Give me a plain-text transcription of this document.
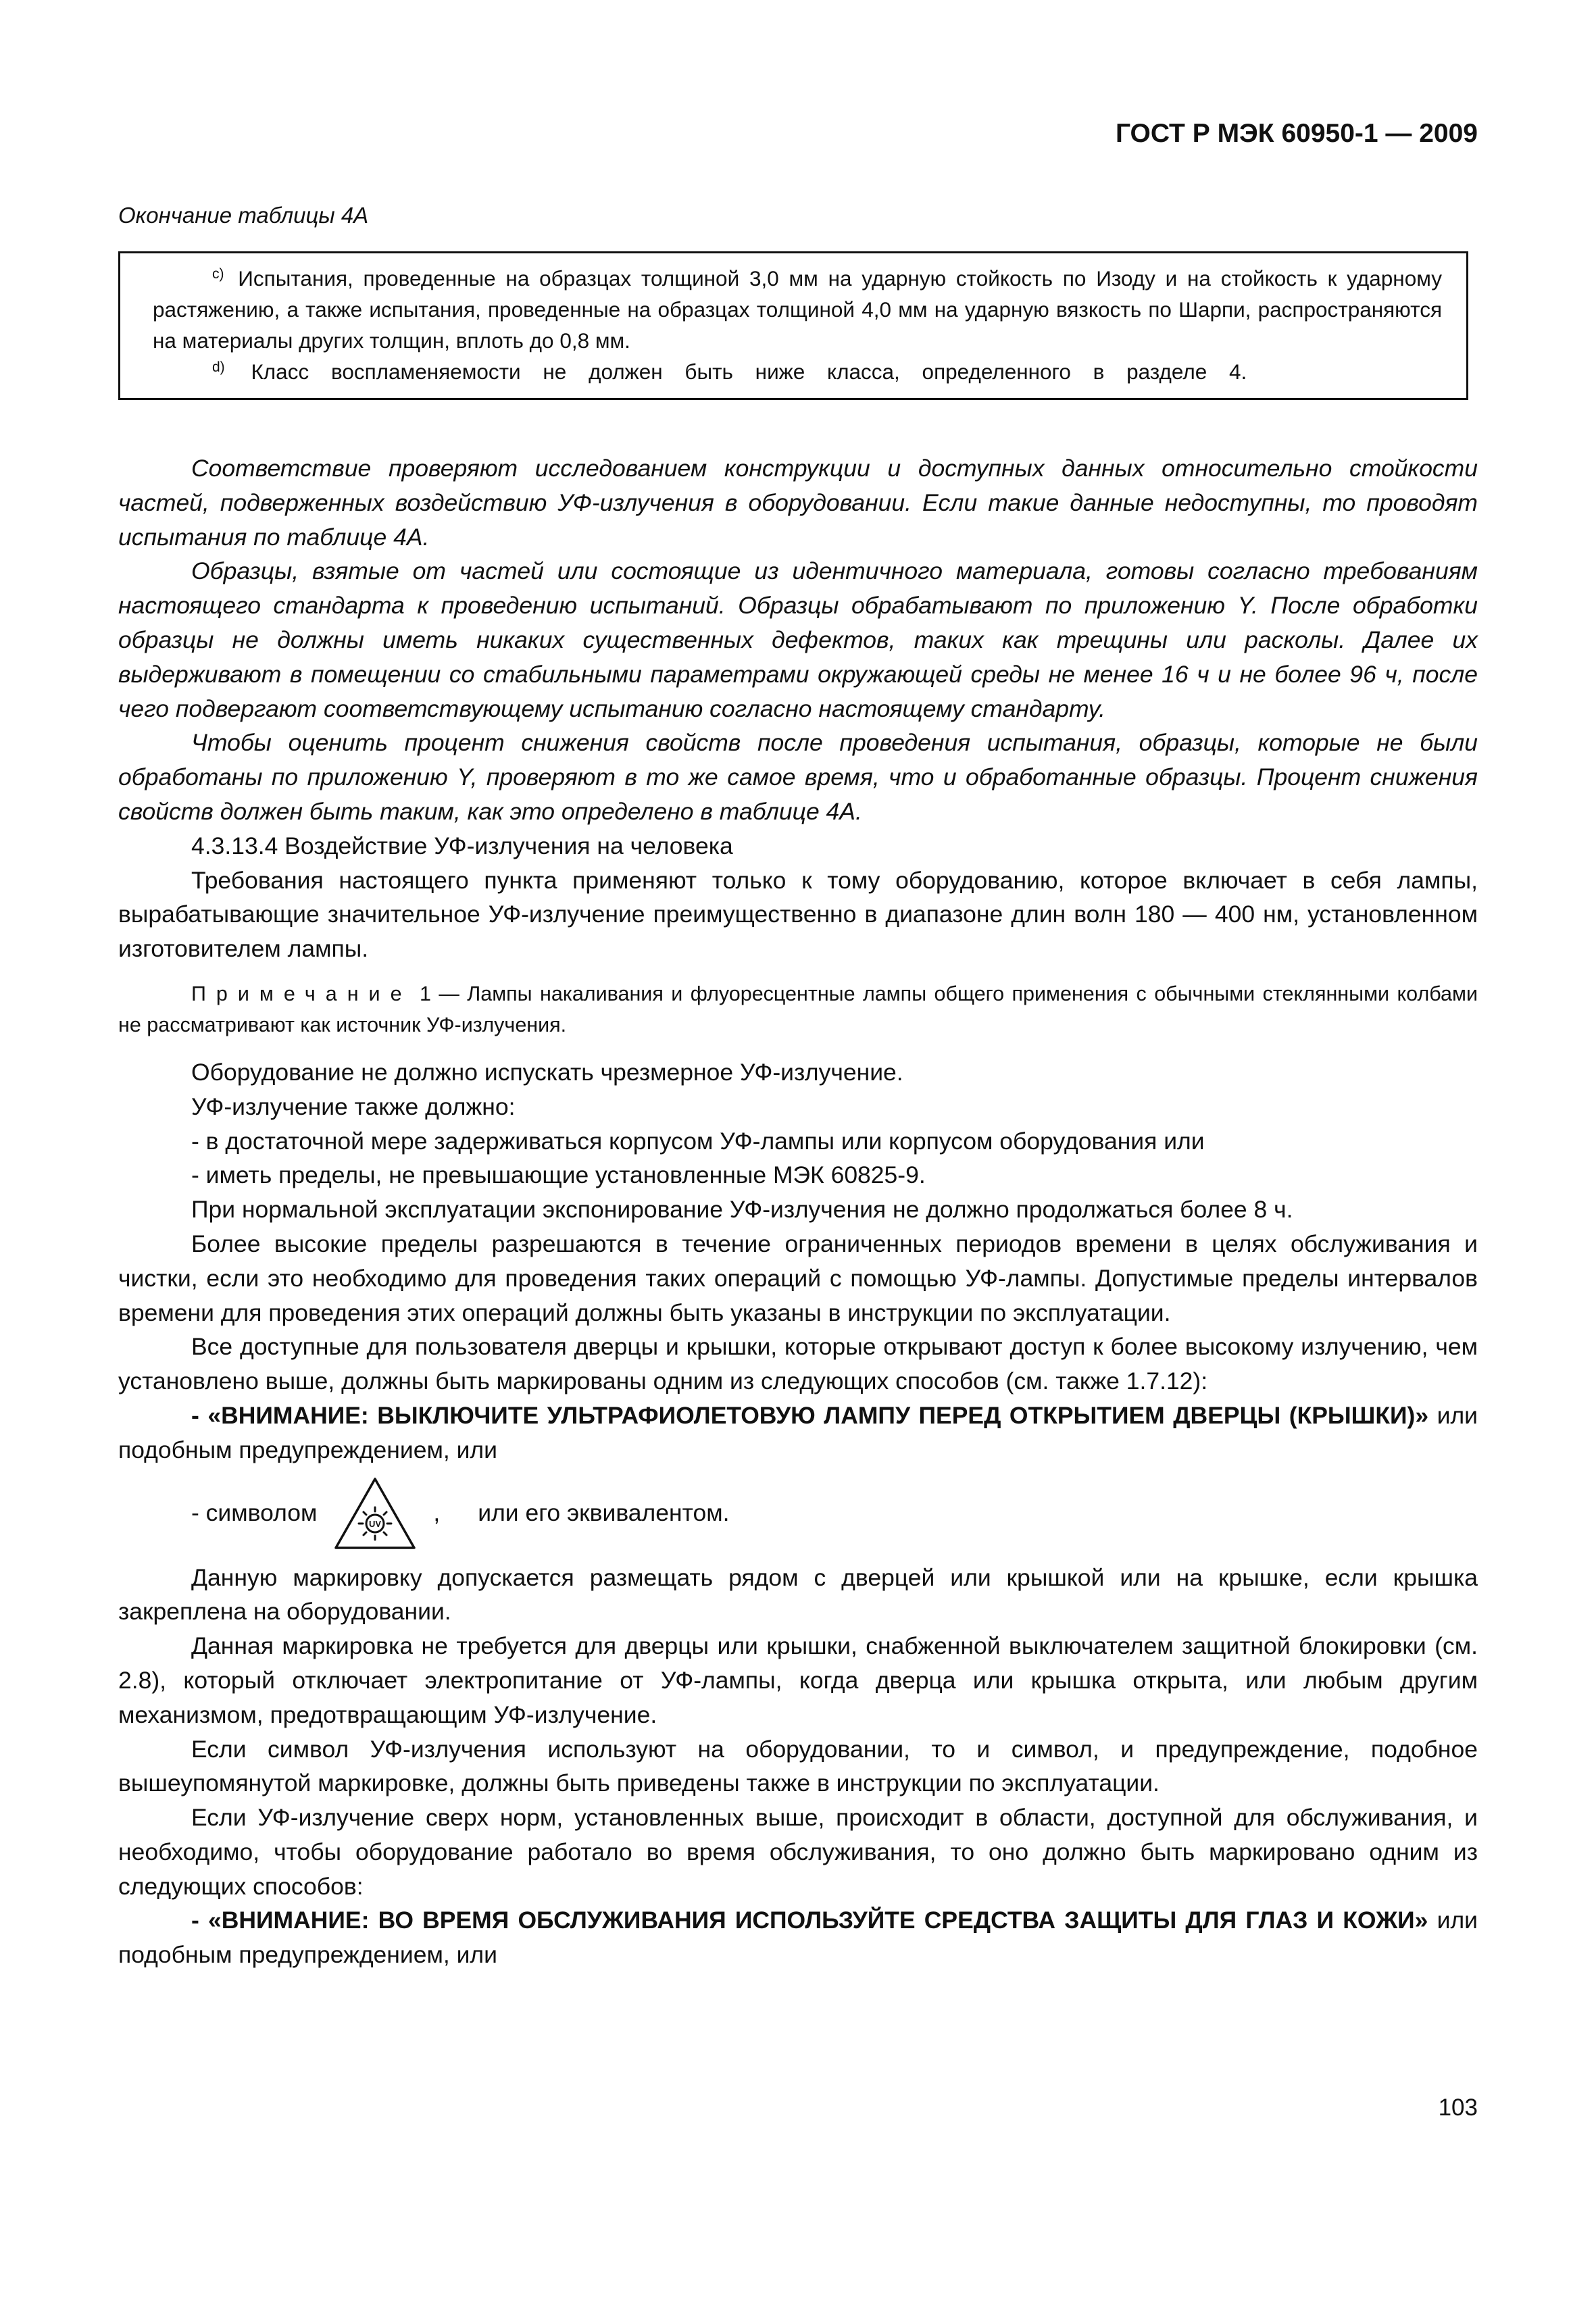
ГОСТ Р МЭК 60950-1 — 2009
Окончание таблицы 4А

$^{c)}$ Испытания, проведенные на образцах толщиной 3,0 мм на ударную стойкость по Изоду и на стойкость к ударному растяжению, а также испытания, проведенные на образцах толщиной 4,0 мм на ударную вязкость по Шарпи, распространяются на материалы других толщин, вплоть до 0,8 мм.

$^{d)}$ Класс воспламеняемости не должен быть ниже класса, определенного в разделе 4.

Соответствие проверяют исследованием конструкции и доступных данных относительно стойкости частей, подверженных воздействию УФ-излучения в оборудовании. Если такие данные недоступны, то проводят испытания по таблице 4А.

Образцы, взятые от частей или состоящие из идентичного материала, готовы согласно требованиям настоящего стандарта к проведению испытаний. Образцы обрабатывают по приложению Y. После обработки образцы не должны иметь никаких существенных дефектов, таких как трещины или расколы. Далее их выдерживают в помещении со стабильными параметрами окружающей среды не менее 16 ч и не более 96 ч, после чего подвергают соответствующему испытанию согласно настоящему стандарту.

Чтобы оценить процент снижения свойств после проведения испытания, образцы, которые не были обработаны по приложению Y, проверяют в то же самое время, что и обработанные образцы. Процент снижения свойств должен быть таким, как это определено в таблице 4А.

4.3.13.4 Воздействие УФ-излучения на человека

Требования настоящего пункта применяют только к тому оборудованию, которое включает в себя лампы, вырабатывающие значительное УФ-излучение преимущественно в диапазоне длин волн 180 — 400 нм, установленном изготовителем лампы.

Примечание 1 — Лампы накаливания и флуоресцентные лампы общего применения с обычными стеклянными колбами не рассматривают как источник УФ-излучения.

Оборудование не должно испускать чрезмерное УФ-излучение.

УФ-излучение также должно:

- в достаточной мере задерживаться корпусом УФ-лампы или корпусом оборудования или

- иметь пределы, не превышающие установленные МЭК 60825-9.

При нормальной эксплуатации экспонирование УФ-излучения не должно продолжаться более 8 ч.

Более высокие пределы разрешаются в течение ограниченных периодов времени в целях обслуживания и чистки, если это необходимо для проведения таких операций с помощью УФ-лампы. Допустимые пределы интервалов времени для проведения этих операций должны быть указаны в инструкции по эксплуатации.

Все доступные для пользователя дверцы и крышки, которые открывают доступ к более высокому излучению, чем установлено выше, должны быть маркированы одним из следующих способов (см. также 1.7.12):

- «ВНИМАНИЕ: ВЫКЛЮЧИТЕ УЛЬТРАФИОЛЕТОВУЮ ЛАМПУ ПЕРЕД ОТКРЫТИЕМ ДВЕРЦЫ (КРЫШКИ)» или подобным предупреждением, или

- символом	UV , или его эквивалентом.

Данную маркировку допускается размещать рядом с дверцей или крышкой или на крышке, если крышка закреплена на оборудовании.

Данная маркировка не требуется для дверцы или крышки, снабженной выключателем защитной блокировки (см. 2.8), который отключает электропитание от УФ-лампы, когда дверца или крышка открыта, или любым другим механизмом, предотвращающим УФ-излучение.

Если символ УФ-излучения используют на оборудовании, то и символ, и предупреждение, подобное вышеупомянутой маркировке, должны быть приведены также в инструкции по эксплуатации.

Если УФ-излучение сверх норм, установленных выше, происходит в области, доступной для обслуживания, и необходимо, чтобы оборудование работало во время обслуживания, то оно должно быть маркировано одним из следующих способов:

- «ВНИМАНИЕ: ВО ВРЕМЯ ОБСЛУЖИВАНИЯ ИСПОЛЬЗУЙТЕ СРЕДСТВА ЗАЩИТЫ ДЛЯ ГЛАЗ И КОЖИ» или подобным предупреждением, или

103
